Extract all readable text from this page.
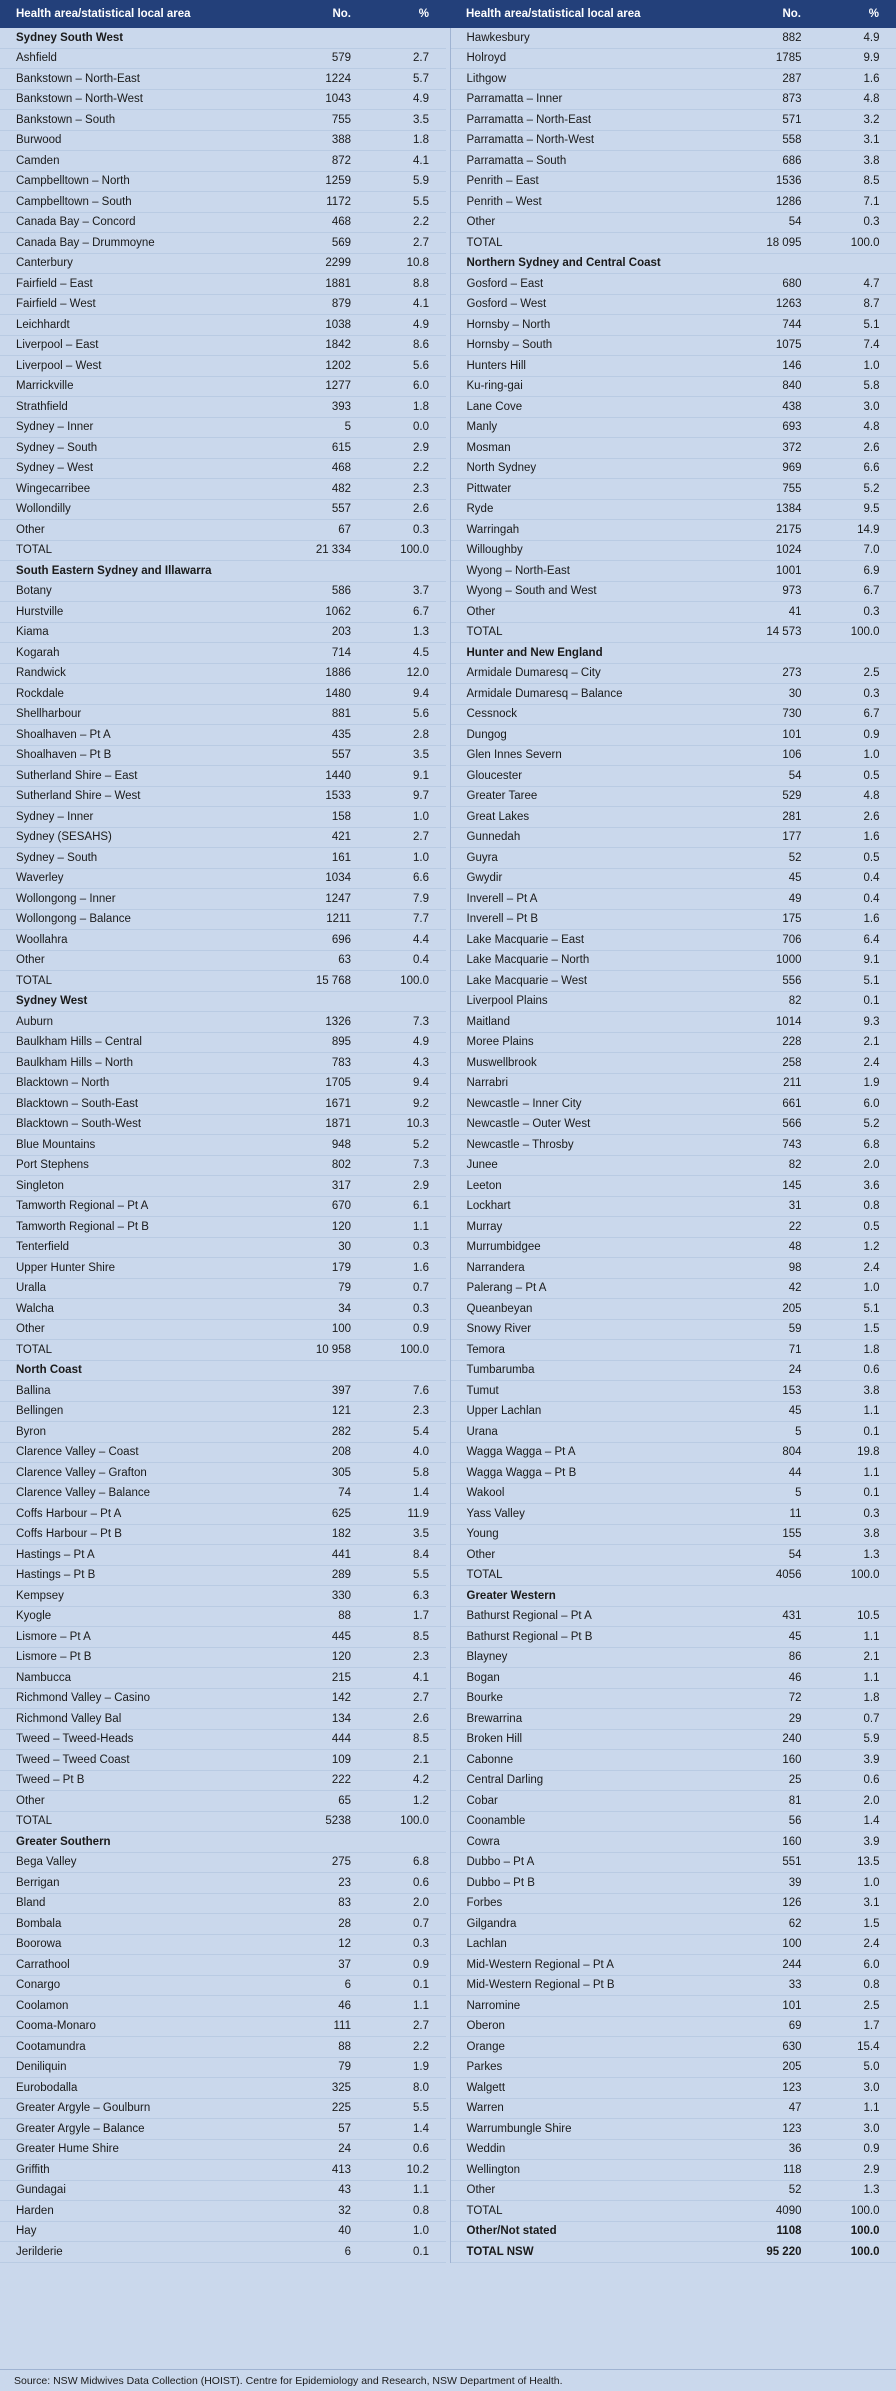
Health area/statistical local area	No.	%	Health area/statistical local area	No.	%
Sydney South West
Ashfield	579	2.7
Bankstown – North-East	1224	5.7
Bankstown – North-West	1043	4.9
Bankstown – South	755	3.5
Burwood	388	1.8
Camden	872	4.1
Campbelltown – North	1259	5.9
Campbelltown – South	1172	5.5
Canada Bay – Concord	468	2.2
Canada Bay – Drummoyne	569	2.7
Canterbury	2299	10.8
Fairfield – East	1881	8.8
Fairfield – West	879	4.1
Leichhardt	1038	4.9
Liverpool – East	1842	8.6
Liverpool – West	1202	5.6
Marrickville	1277	6.0
Strathfield	393	1.8
Sydney – Inner	5	0.0
Sydney – South	615	2.9
Sydney – West	468	2.2
Wingecarribee	482	2.3
Wollondilly	557	2.6
Other	67	0.3
TOTAL	21 334	100.0
South Eastern Sydney and Illawarra
Botany	586	3.7
Hurstville	1062	6.7
Kiama	203	1.3
Kogarah	714	4.5
Randwick	1886	12.0
Rockdale	1480	9.4
Shellharbour	881	5.6
Shoalhaven – Pt A	435	2.8
Shoalhaven – Pt B	557	3.5
Sutherland Shire – East	1440	9.1
Sutherland Shire – West	1533	9.7
Sydney – Inner	158	1.0
Sydney (SESAHS)	421	2.7
Sydney – South	161	1.0
Waverley	1034	6.6
Wollongong – Inner	1247	7.9
Wollongong – Balance	1211	7.7
Woollahra	696	4.4
Other	63	0.4
TOTAL	15 768	100.0
Sydney West
Auburn	1326	7.3
Baulkham Hills – Central	895	4.9
Baulkham Hills – North	783	4.3
Blacktown – North	1705	9.4
Blacktown – South-East	1671	9.2
Blacktown – South-West	1871	10.3
Blue Mountains	948	5.2
Port Stephens	802	7.3
Singleton	317	2.9
Tamworth Regional – Pt A	670	6.1
Tamworth Regional – Pt B	120	1.1
Tenterfield	30	0.3
Upper Hunter Shire	179	1.6
Uralla	79	0.7
Walcha	34	0.3
Other	100	0.9
TOTAL	10 958	100.0
North Coast
Ballina	397	7.6
Bellingen	121	2.3
Byron	282	5.4
Clarence Valley – Coast	208	4.0
Clarence Valley – Grafton	305	5.8
Clarence Valley – Balance	74	1.4
Coffs Harbour – Pt A	625	11.9
Coffs Harbour – Pt B	182	3.5
Hastings – Pt A	441	8.4
Hastings – Pt B	289	5.5
Kempsey	330	6.3
Kyogle	88	1.7
Lismore – Pt A	445	8.5
Lismore – Pt B	120	2.3
Nambucca	215	4.1
Richmond Valley – Casino	142	2.7
Richmond Valley Bal	134	2.6
Tweed – Tweed-Heads	444	8.5
Tweed – Tweed Coast	109	2.1
Tweed – Pt B	222	4.2
Other	65	1.2
TOTAL	5238	100.0
Greater Southern
Bega Valley	275	6.8
Berrigan	23	0.6
Bland	83	2.0
Bombala	28	0.7
Boorowa	12	0.3
Carrathool	37	0.9
Conargo	6	0.1
Coolamon	46	1.1
Cooma-Monaro	111	2.7
Cootamundra	88	2.2
Deniliquin	79	1.9
Eurobodalla	325	8.0
Greater Argyle – Goulburn	225	5.5
Greater Argyle – Balance	57	1.4
Greater Hume Shire	24	0.6
Griffith	413	10.2
Gundagai	43	1.1
Harden	32	0.8
Hay	40	1.0
Jerilderie	6	0.1
Hawkesbury	882	4.9
Holroyd	1785	9.9
Lithgow	287	1.6
Parramatta – Inner	873	4.8
Parramatta – North-East	571	3.2
Parramatta – North-West	558	3.1
Parramatta – South	686	3.8
Penrith – East	1536	8.5
Penrith – West	1286	7.1
Other	54	0.3
TOTAL	18 095	100.0
Northern Sydney and Central Coast
Gosford – East	680	4.7
Gosford – West	1263	8.7
Hornsby – North	744	5.1
Hornsby – South	1075	7.4
Hunters Hill	146	1.0
Ku-ring-gai	840	5.8
Lane Cove	438	3.0
Manly	693	4.8
Mosman	372	2.6
North Sydney	969	6.6
Pittwater	755	5.2
Ryde	1384	9.5
Warringah	2175	14.9
Willoughby	1024	7.0
Wyong – North-East	1001	6.9
Wyong – South and West	973	6.7
Other	41	0.3
TOTAL	14 573	100.0
Hunter and New England
Armidale Dumaresq – City	273	2.5
Armidale Dumaresq – Balance	30	0.3
Cessnock	730	6.7
Dungog	101	0.9
Glen Innes Severn	106	1.0
Gloucester	54	0.5
Greater Taree	529	4.8
Great Lakes	281	2.6
Gunnedah	177	1.6
Guyra	52	0.5
Gwydir	45	0.4
Inverell – Pt A	49	0.4
Inverell – Pt B	175	1.6
Lake Macquarie – East	706	6.4
Lake Macquarie – North	1000	9.1
Lake Macquarie – West	556	5.1
Liverpool Plains	82	0.1
Maitland	1014	9.3
Moree Plains	228	2.1
Muswellbrook	258	2.4
Narrabri	211	1.9
Newcastle – Inner City	661	6.0
Newcastle – Outer West	566	5.2
Newcastle – Throsby	743	6.8
Junee	82	2.0
Leeton	145	3.6
Lockhart	31	0.8
Murray	22	0.5
Murrumbidgee	48	1.2
Narrandera	98	2.4
Palerang – Pt A	42	1.0
Queanbeyan	205	5.1
Snowy River	59	1.5
Temora	71	1.8
Tumbarumba	24	0.6
Tumut	153	3.8
Upper Lachlan	45	1.1
Urana	5	0.1
Wagga Wagga – Pt A	804	19.8
Wagga Wagga – Pt B	44	1.1
Wakool	5	0.1
Yass Valley	11	0.3
Young	155	3.8
Other	54	1.3
TOTAL	4056	100.0
Greater Western
Bathurst Regional – Pt A	431	10.5
Bathurst Regional – Pt B	45	1.1
Blayney	86	2.1
Bogan	46	1.1
Bourke	72	1.8
Brewarrina	29	0.7
Broken Hill	240	5.9
Cabonne	160	3.9
Central Darling	25	0.6
Cobar	81	2.0
Coonamble	56	1.4
Cowra	160	3.9
Dubbo – Pt A	551	13.5
Dubbo – Pt B	39	1.0
Forbes	126	3.1
Gilgandra	62	1.5
Lachlan	100	2.4
Mid-Western Regional – Pt A	244	6.0
Mid-Western Regional – Pt B	33	0.8
Narromine	101	2.5
Oberon	69	1.7
Orange	630	15.4
Parkes	205	5.0
Walgett	123	3.0
Warren	47	1.1
Warrumbungle Shire	123	3.0
Weddin	36	0.9
Wellington	118	2.9
Other	52	1.3
TOTAL	4090	100.0
Other/Not stated	1108	100.0
TOTAL NSW	95 220	100.0
Source: NSW Midwives Data Collection (HOIST). Centre for Epidemiology and Research, NSW Department of Health.
